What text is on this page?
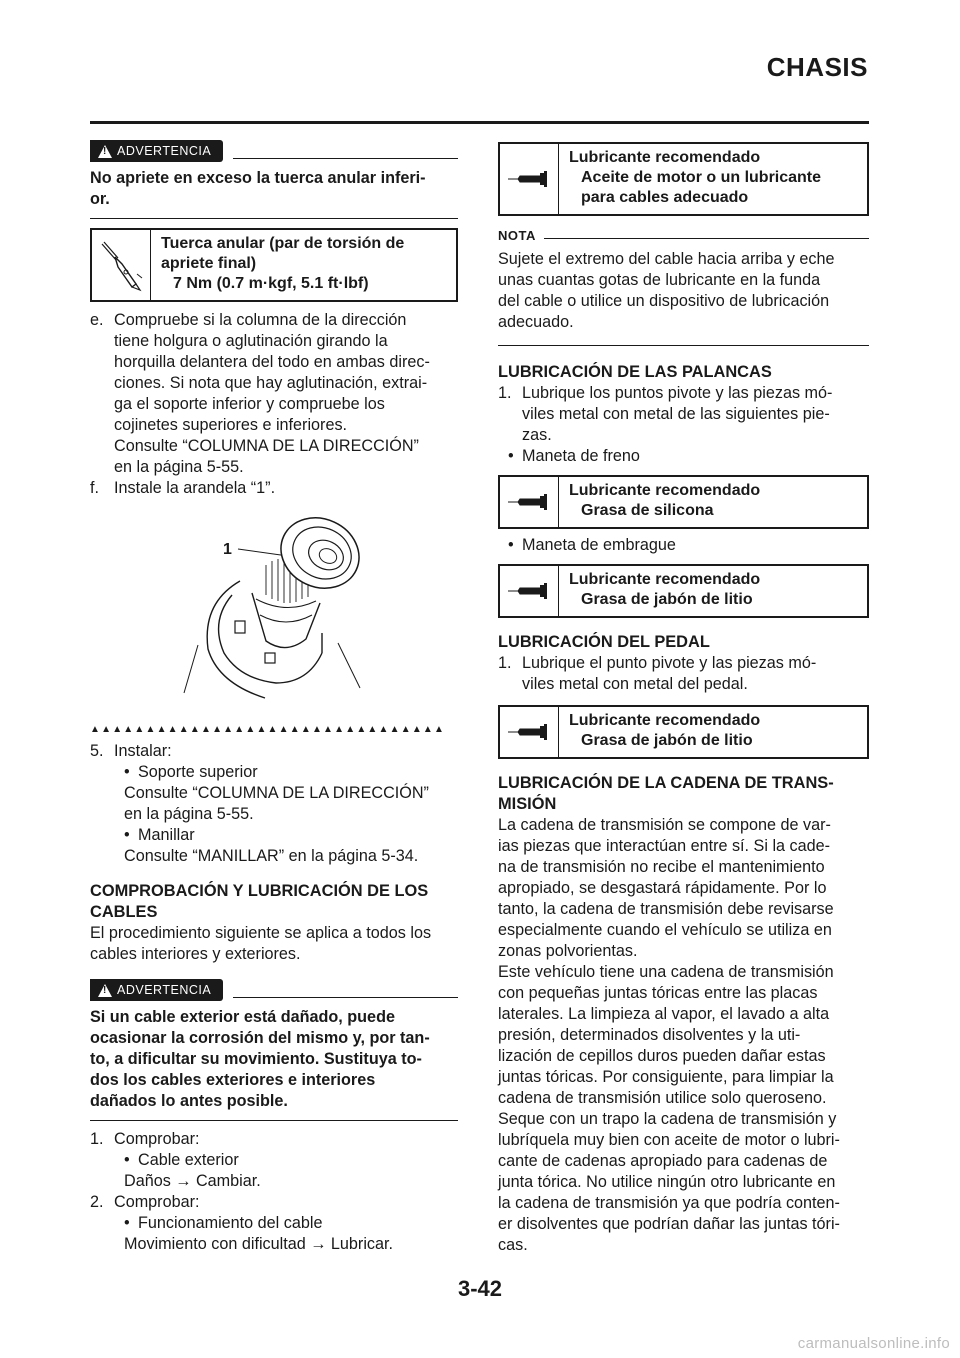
CHASIS
!
ADVERTENCIA
No apriete en exceso la tuerca anular inferi-
or.
Tuerca anular (par de torsión de
apriete final)
7 Nm (0.7 m·kgf, 5.1 ft·lbf)
e. Compruebe si la columna de la dirección
tiene holgura o aglutinación girando la
horquilla delantera del todo en ambas direc-
ciones. Si nota que hay aglutinación, extrai-
ga el soporte inferior y compruebe los
cojinetes superiores e inferiores.
Consulte “COLUMNA DE LA DIRECCIÓN”
en la página 5-55.
f. Instale la arandela “1”.
1
▲▲▲▲▲▲▲▲▲▲▲▲▲▲▲▲▲▲▲▲▲▲▲▲▲▲▲▲▲▲▲▲
5. Instalar:
• Soporte superior
Consulte “COLUMNA DE LA DIRECCIÓN”
en la página 5-55.
• Manillar
Consulte “MANILLAR” en la página 5-34.
COMPROBACIÓN Y LUBRICACIÓN DE LOS
CABLES

El procedimiento siguiente se aplica a todos los

cables interiores y exteriores.

!
ADVERTENCIA
Si un cable exterior está dañado, puede
ocasionar la corrosión del mismo y, por tan-
to, a dificultar su movimiento. Sustituya to-
dos los cables exteriores e interiores
dañados lo antes posible.
1. Comprobar:
• Cable exterior
Daños → Cambiar.
2. Comprobar:
• Funcionamiento del cable
Movimiento con dificultad → Lubricar.
Lubricante recomendado
Aceite de motor o un lubricante
para cables adecuado
NOTA

Sujete el extremo del cable hacia arriba y eche

unas cuantas gotas de lubricante en la funda

del cable o utilice un dispositivo de lubricación

adecuado.

LUBRICACIÓN DE LAS PALANCAS
1. Lubrique los puntos pivote y las piezas mó-
viles metal con metal de las siguientes pie-
zas.
• Maneta de freno
Lubricante recomendado
Grasa de silicona
• Maneta de embrague
Lubricante recomendado
Grasa de jabón de litio
LUBRICACIÓN DEL PEDAL
1. Lubrique el punto pivote y las piezas mó-
viles metal con metal del pedal.
Lubricante recomendado
Grasa de jabón de litio
LUBRICACIÓN DE LA CADENA DE TRANS-
MISIÓN

La cadena de transmisión se compone de var-

ias piezas que interactúan entre sí. Si la cade-

na de transmisión no recibe el mantenimiento

apropiado, se desgastará rápidamente. Por lo

tanto, la cadena de transmisión debe revisarse

especialmente cuando el vehículo se utiliza en

zonas polvorientas.

Este vehículo tiene una cadena de transmisión

con pequeñas juntas tóricas entre las placas

laterales. La limpieza al vapor, el lavado a alta

presión, determinados disolventes y la uti-

lización de cepillos duros pueden dañar estas

juntas tóricas. Por consiguiente, para limpiar la

cadena de transmisión utilice solo queroseno.

Seque con un trapo la cadena de transmisión y

lubríquela muy bien con aceite de motor o lubri-

cante de cadenas apropiado para cadenas de

junta tórica. No utilice ningún otro lubricante en

la cadena de transmisión ya que podría conten-

er disolventes que podrían dañar las juntas tóri-

cas.

3-42
carmanualsonline.info
